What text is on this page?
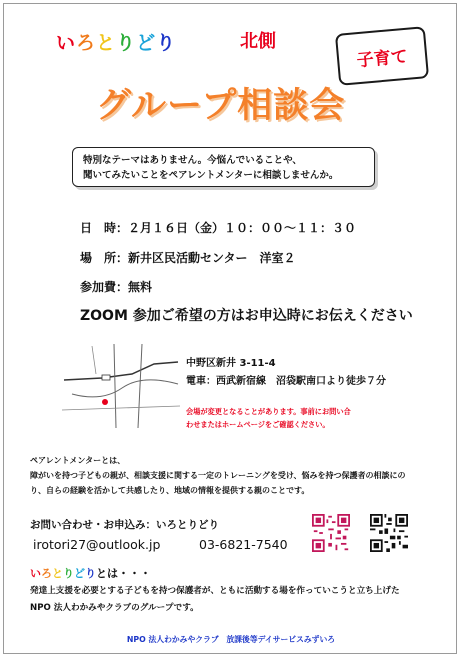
いろとりどり	北側
子育て
グループ相談会
特別なテーマはありません。今悩んでいることや、
聞いてみたいことをペアレントメンターに相談しませんか。
日　時：２月１６日（金）１０：００～１１：３０
場　所：新井区民活動センター　洋室２
参加費：無料
ZOOM 参加ご希望の方はお申込時にお伝えください
中野区新井 3-11-4
電車：西武新宿線　沼袋駅南口より徒歩７分
会場が変更となることがあります。事前にお問い合
わせまたはホームページをご確認ください。
ペアレントメンターとは、
障がいを持つ子どもの親が、相談支援に関する一定のトレーニングを受け、悩みを持つ保護者の相談にの
り、自らの経験を活かして共感したり、地域の情報を提供する親のことです。
お問い合わせ・お申込み：いろとりどり
irotori27@outlook.jp	03-6821-7540
いろとりどりとは・・・
発達上支援を必要とする子どもを持つ保護者が、ともに活動する場を作っていこうと立ち上げた
NPO 法人わかみやクラブのグループです。
NPO 法人わかみやクラブ　放課後等デイサービスみずいろ
